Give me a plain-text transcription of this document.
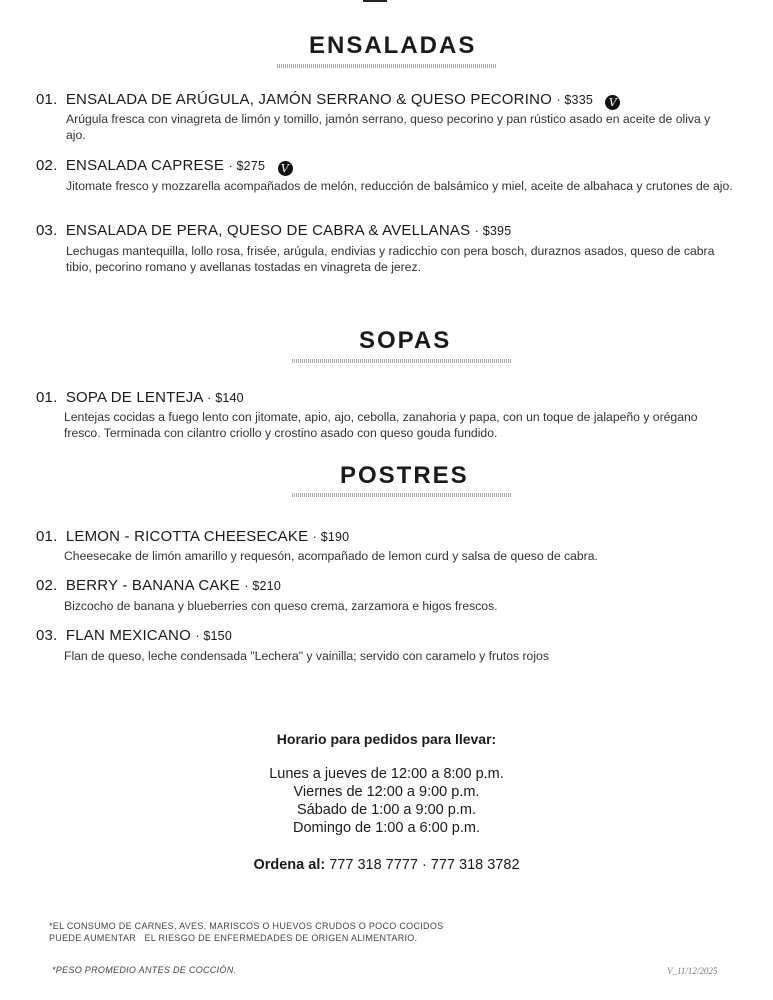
ENSALADAS
01. ENSALADA DE ARÚGULA, JAMÓN SERRANO & QUESO PECORINO · $335 V
Arúgula fresca con vinagreta de limón y tomillo, jamón serrano, queso pecorino y pan rústico asado en aceite de oliva y ajo.
02. ENSALADA CAPRESE · $275 V
Jitomate fresco y mozzarella acompañados de melón, reducción de balsámico y miel, aceite de albahaca y crutones de ajo.
03. ENSALADA DE PERA, QUESO DE CABRA & AVELLANAS · $395
Lechugas mantequilla, lollo rosa, frisée, arúgula, endivias y radicchio con pera bosch, duraznos asados, queso de cabra tibio, pecorino romano y avellanas tostadas en vinagreta de jerez.
SOPAS
01. SOPA DE LENTEJA · $140
Lentejas cocidas a fuego lento con jitomate, apio, ajo, cebolla, zanahoria y papa, con un toque de jalapeño y orégano fresco. Terminada con cilantro criollo y crostino asado con queso gouda fundido.
POSTRES
01. LEMON - RICOTTA CHEESECAKE · $190
Cheesecake de limón amarillo y requesón, acompañado de lemon curd y salsa de queso de cabra.
02. BERRY - BANANA CAKE · $210
Bizcocho de banana y blueberries con queso crema, zarzamora e higos frescos.
03. FLAN MEXICANO · $150
Flan de queso, leche condensada "Lechera" y vainilla; servido con caramelo y frutos rojos
Horario para pedidos para llevar:
Lunes a jueves de 12:00 a 8:00 p.m.
Viernes de 12:00 a 9:00 p.m.
Sábado de 1:00 a 9:00 p.m.
Domingo de 1:00 a 6:00 p.m.
Ordena al: 777 318 7777 · 777 318 3782
*EL CONSUMO DE CARNES, AVES, MARISCOS O HUEVOS CRUDOS O POCO COCIDOS
PUEDE AUMENTAR   EL RIESGO DE ENFERMEDADES DE ORIGEN ALIMENTARIO.
*PESO PROMEDIO ANTES DE COCCIÓN.	V_11/12/2025
